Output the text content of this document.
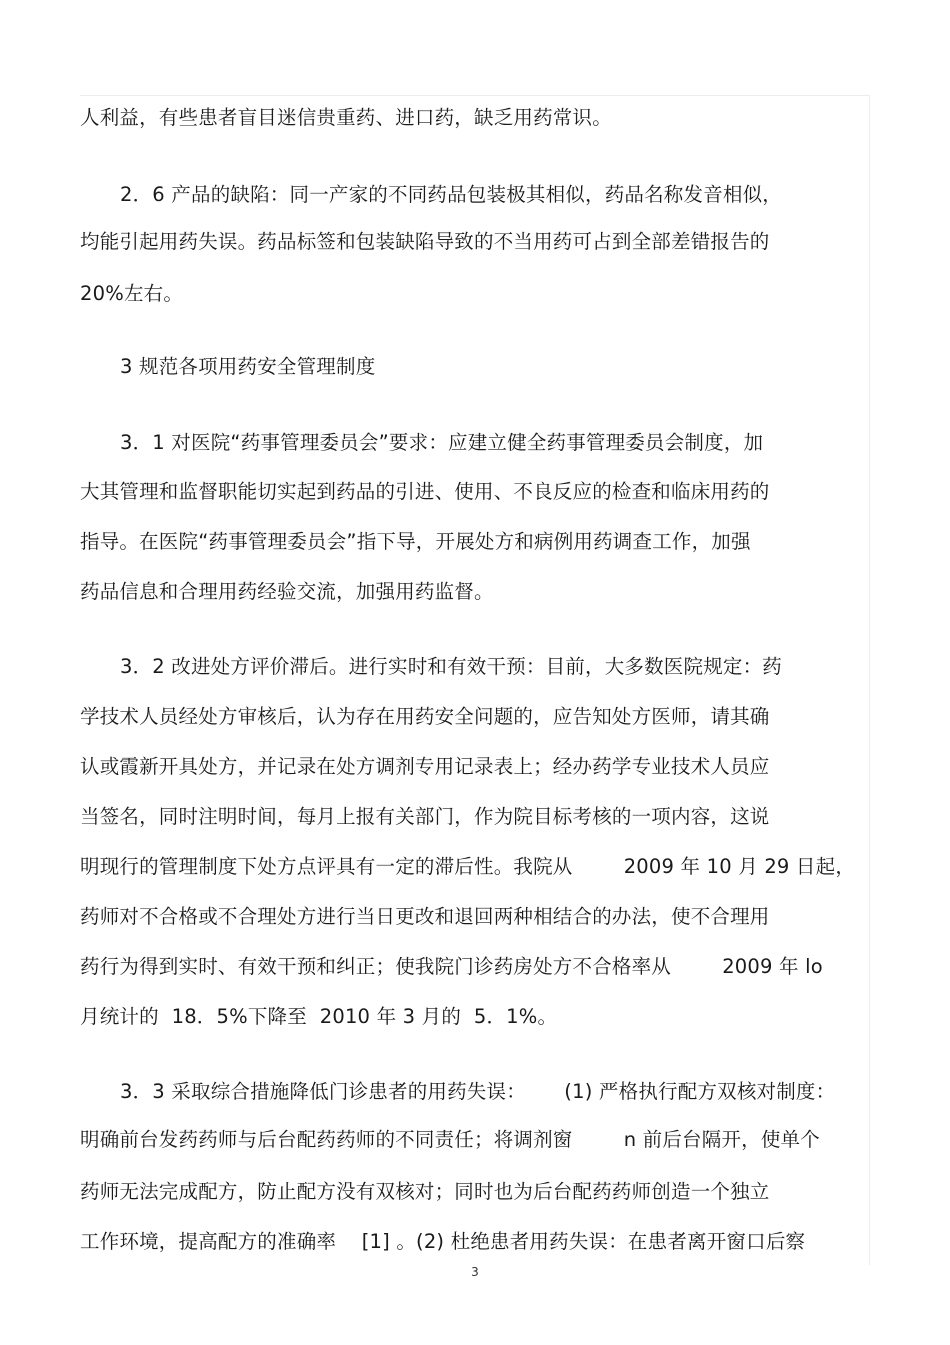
人利益，有些患者盲目迷信贵重药、进口药，缺乏用药常识。
2．6 产品的缺陷：同一产家的不同药品包装极其相似，药品名称发音相似，
均能引起用药失误。药品标签和包装缺陷导致的不当用药可占到全部差错报告的
20%左右。
3 规范各项用药安全管理制度
3．1 对医院“药事管理委员会”要求：应建立健全药事管理委员会制度，加
大其管理和监督职能切实起到药品的引进、使用、不良反应的检查和临床用药的
指导。在医院“药事管理委员会”指下导，开展处方和病例用药调查工作，加强
药品信息和合理用药经验交流，加强用药监督。
3．2 改进处方评价滞后。进行实时和有效干预：目前，大多数医院规定：药
学技术人员经处方审核后，认为存在用药安全问题的，应告知处方医师，请其确
认或霞新开具处方，并记录在处方调剂专用记录表上；经办药学专业技术人员应
当签名，同时注明时间，每月上报有关部门，作为院目标考核的一项内容，这说
明现行的管理制度下处方点评具有一定的滞后性。我院从        2009 年 10 月 29 日起，
药师对不合格或不合理处方进行当日更改和退回两种相结合的办法，使不合理用
药行为得到实时、有效干预和纠正；使我院门诊药房处方不合格率从        2009 年 lo
月统计的  18．5%下降至  2010 年 3 月的  5．1%。
3．3 采取综合措施降低门诊患者的用药失误：      (1) 严格执行配方双核对制度：
明确前台发药药师与后台配药药师的不同责任；将调剂窗        n 前后台隔开，使单个
药师无法完成配方，防止配方没有双核对；同时也为后台配药药师创造一个独立
工作环境，提高配方的准确率    [1] 。(2) 杜绝患者用药失误：在患者离开窗口后察
3
